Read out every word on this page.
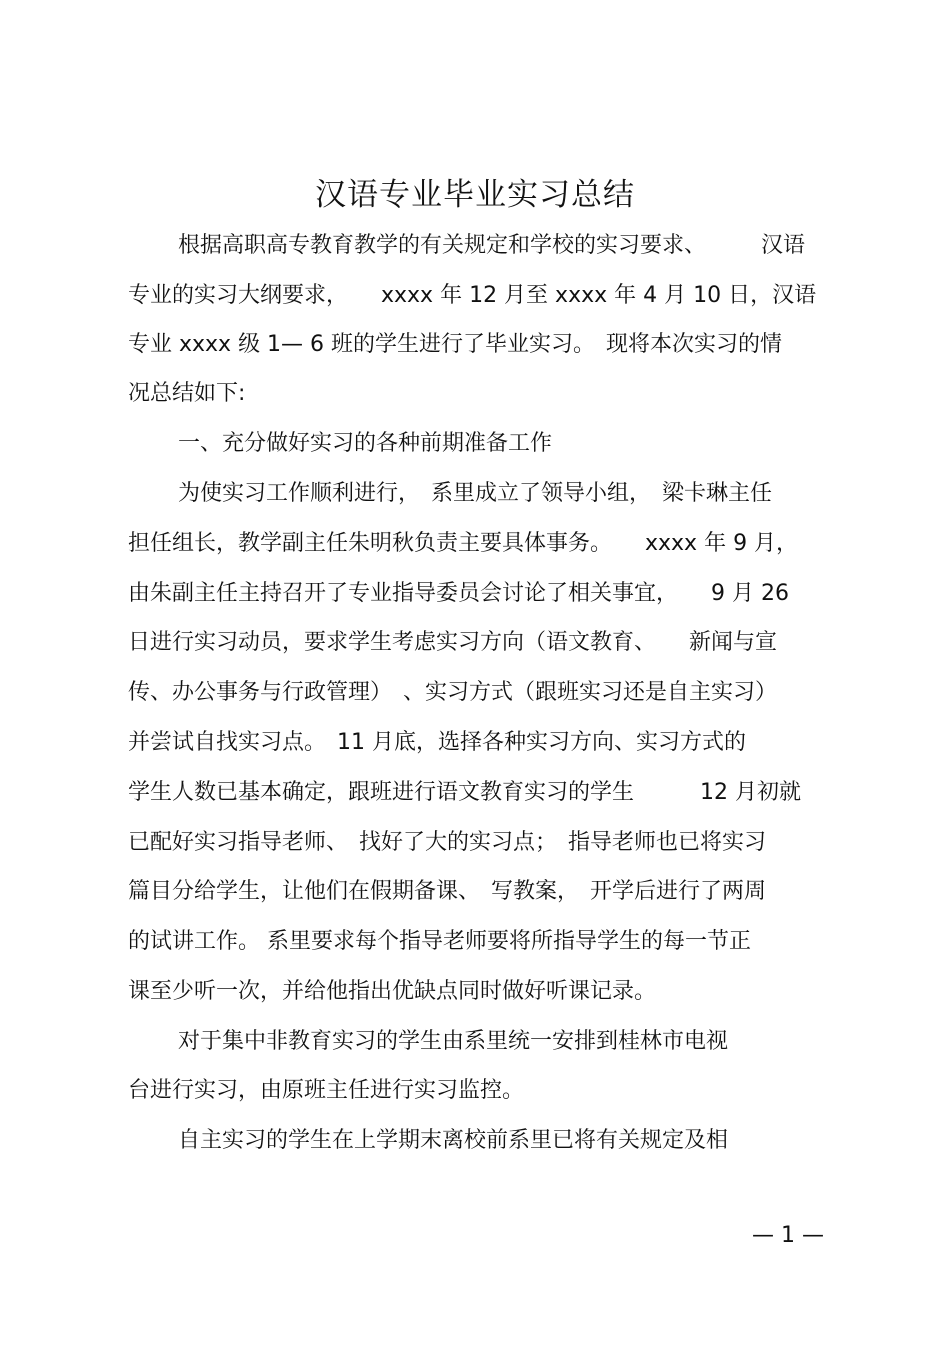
汉语专业毕业实习总结
根据高职高专教育教学的有关规定和学校的实习要求、　　　汉语
专业的实习大纲要求，　　xxxx 年 12 月至 xxxx 年 4 月 10 日，汉语
专业 xxxx 级 1— 6 班的学生进行了毕业实习。　现将本次实习的情
况总结如下:
一、充分做好实习的各种前期准备工作
为使实习工作顺利进行，　系里成立了领导小组，　梁卡琳主任
担任组长，教学副主任朱明秋负责主要具体事务。　　xxxx 年 9 月，
由朱副主任主持召开了专业指导委员会讨论了相关事宜，　　9 月 26
日进行实习动员，要求学生考虑实习方向（语文教育、　　新闻与宣
传、办公事务与行政管理）　、实习方式（跟班实习还是自主实习）
并尝试自找实习点。　11 月底，选择各种实习方向、实习方式的
学生人数已基本确定，跟班进行语文教育实习的学生　　　12 月初就
已配好实习指导老师、　找好了大的实习点；　指导老师也已将实习
篇目分给学生，让他们在假期备课、　写教案，　开学后进行了两周
的试讲工作。 系里要求每个指导老师要将所指导学生的每一节正
课至少听一次，并给他指出优缺点同时做好听课记录。
对于集中非教育实习的学生由系里统一安排到桂林市电视
台进行实习，由原班主任进行实习监控。
自主实习的学生在上学期末离校前系里已将有关规定及相
— 1 —
